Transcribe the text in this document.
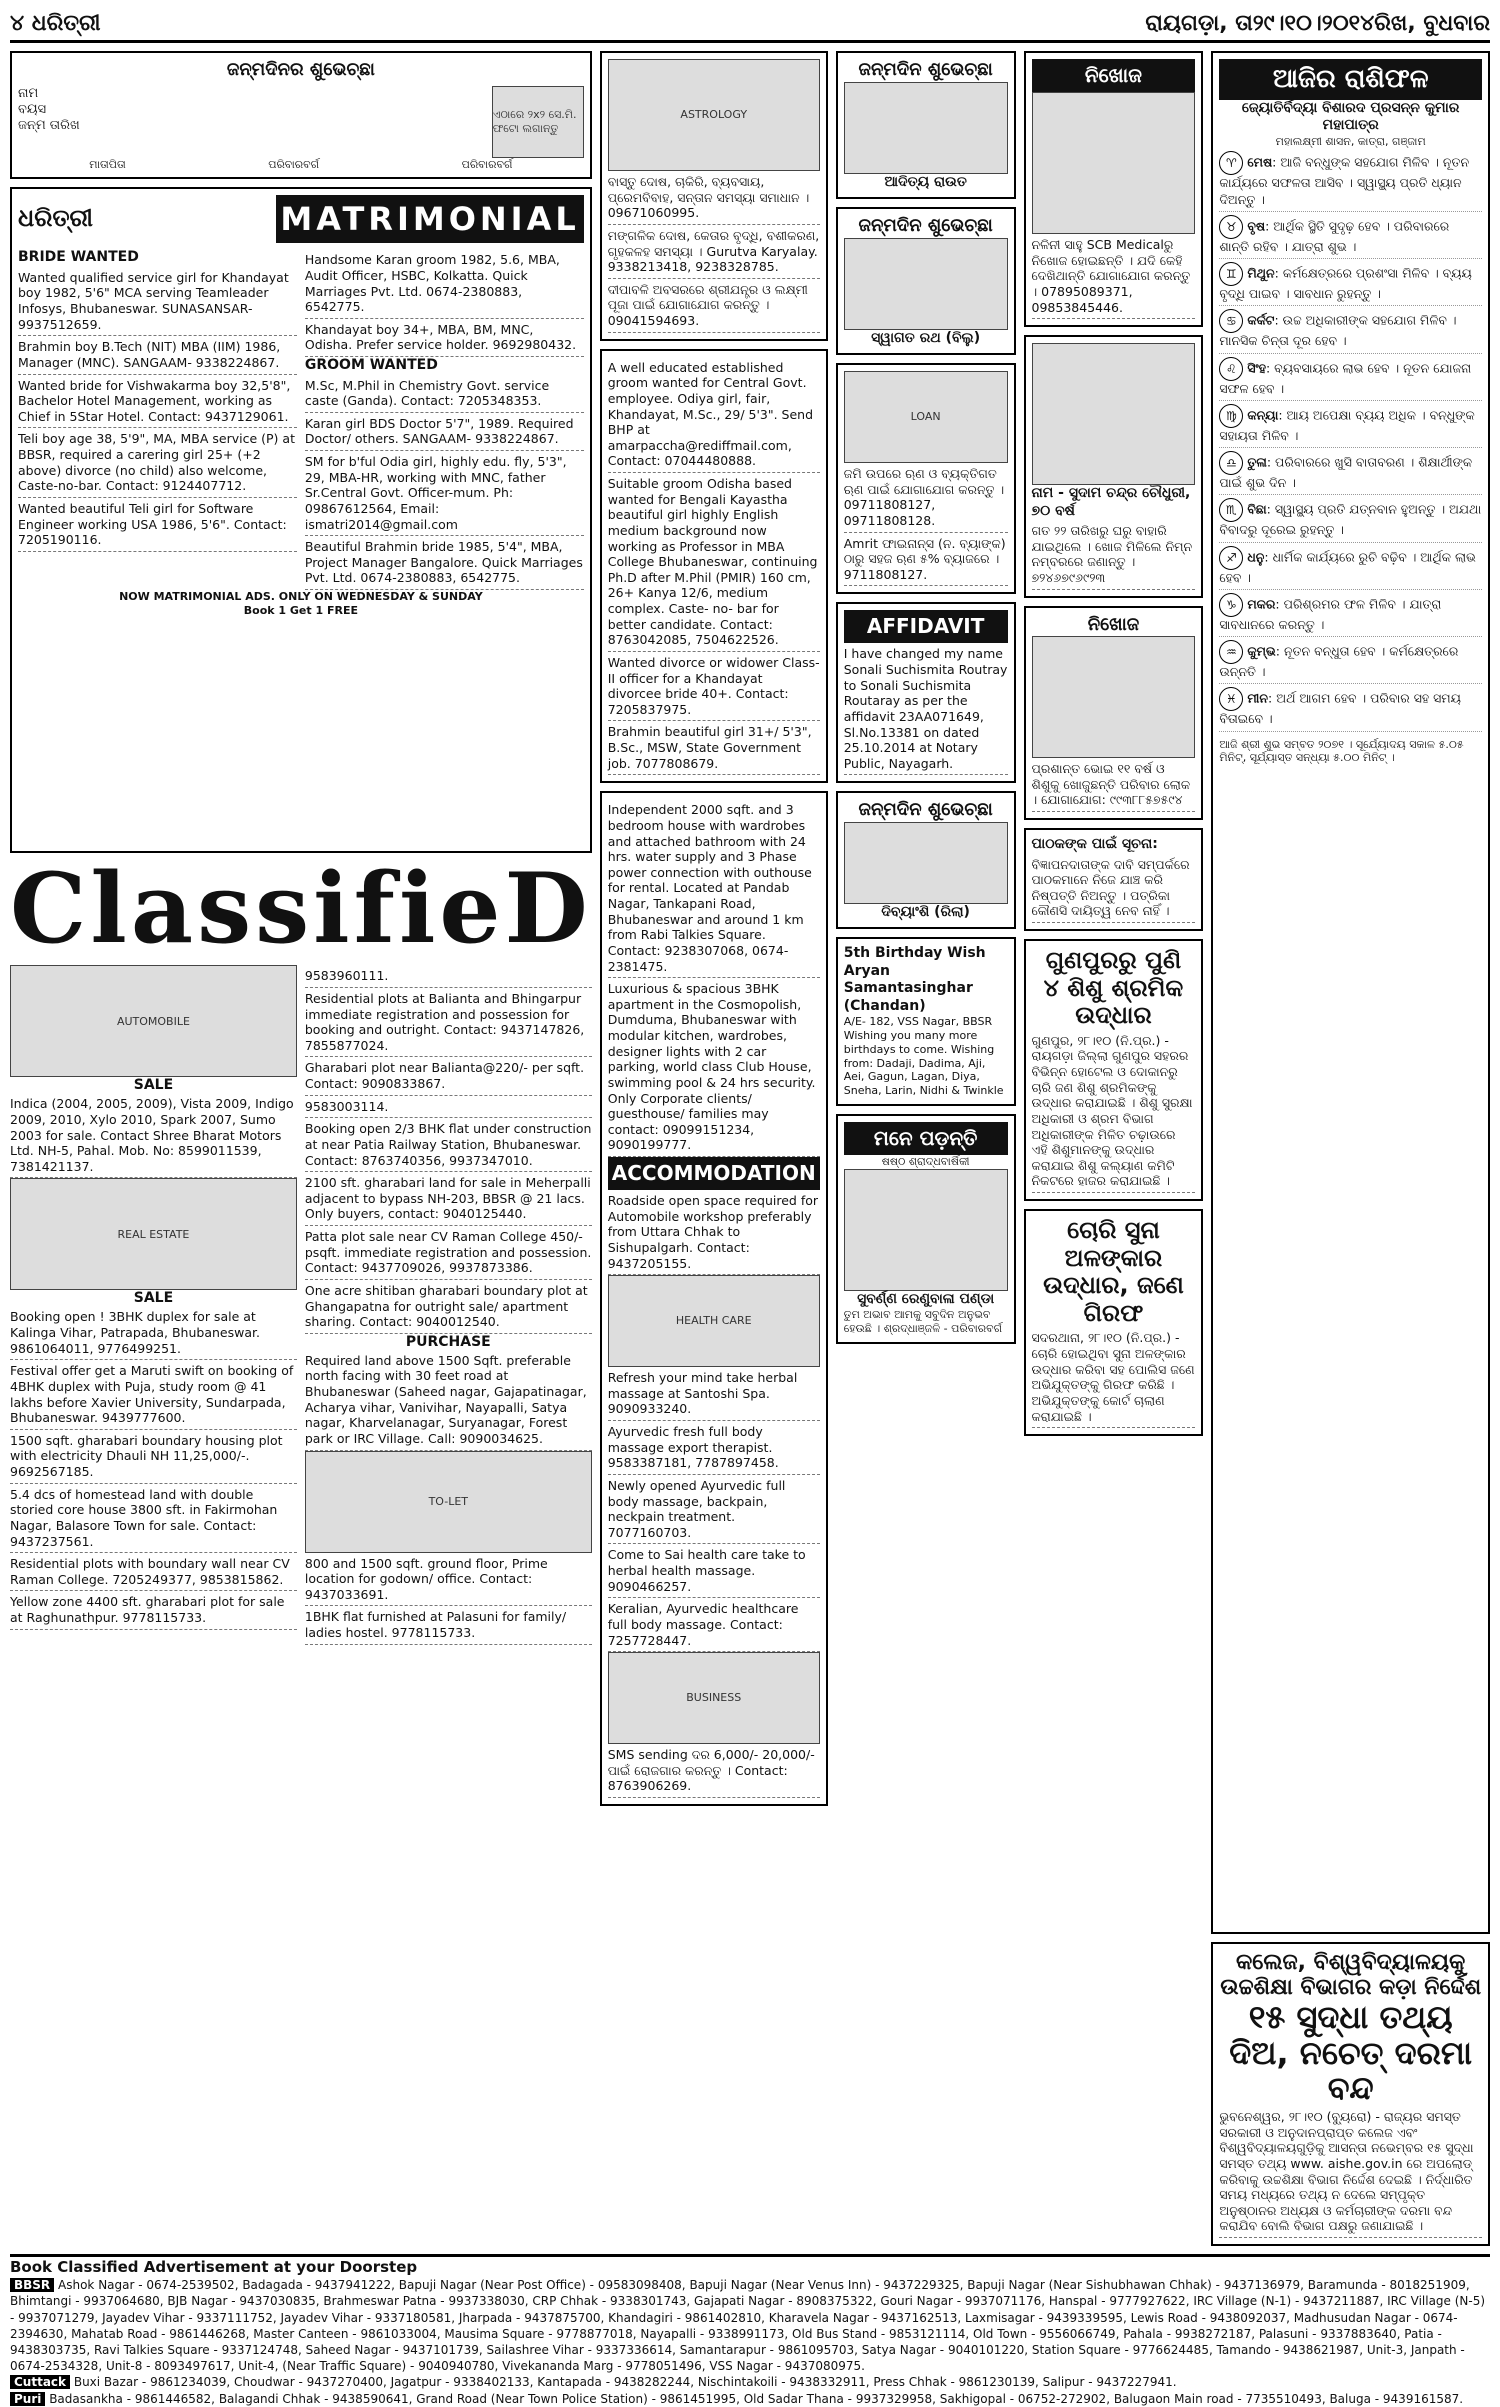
୪ ଧରିତ୍ରୀ	ରାୟଗଡ଼ା, ତା୨୯।୧୦।୨୦୧୪ରିଖ, ବୁଧବାର
ଜନ୍ମଦିନର ଶୁଭେଚ୍ଛା
ନାମ
ବୟସ
ଜନ୍ମ ତାରିଖ
ଏଠାରେ ୨x୨ ସେ.ମି. ଫଟୋ ଲଗାନ୍ତୁ
ମାତାପିତା	ପରିବାରବର୍ଗ	ପରିବାରବର୍ଗ
ଧରିତ୍ରୀ	MATRIMONIAL
BRIDE WANTED
Wanted qualified service girl for Khandayat boy 1982, 5'6" MCA serving Teamleader Infosys, Bhubaneswar. SUNASANSAR- 9937512659.
Brahmin boy B.Tech (NIT) MBA (IIM) 1986, Manager (MNC). SANGAAM- 9338224867.
Wanted bride for Vishwakarma boy 32,5'8", Bachelor Hotel Management, working as Chief in 5Star Hotel. Contact: 9437129061.
Teli boy age 38, 5'9", MA, MBA service (P) at BBSR, required a carering girl 25+ (+2 above) divorce (no child) also welcome, Caste-no-bar. Contact: 9124407712.
Wanted beautiful Teli girl for Software Engineer working USA 1986, 5'6". Contact: 7205190116.
Handsome Karan groom 1982, 5.6, MBA, Audit Officer, HSBC, Kolkatta. Quick Marriages Pvt. Ltd. 0674-2380883, 6542775.
Khandayat boy 34+, MBA, BM, MNC, Odisha. Prefer service holder. 9692980432.
GROOM WANTED
M.Sc, M.Phil in Chemistry Govt. service caste (Ganda). Contact: 7205348353.
Karan girl BDS Doctor 5'7", 1989. Required Doctor/ others. SANGAAM- 9338224867.
SM for b'ful Odia girl, highly edu. fly, 5'3", 29, MBA-HR, working with MNC, father Sr.Central Govt. Officer-mum. Ph: 09867612564, Email: ismatri2014@gmail.com
Beautiful Brahmin bride 1985, 5'4", MBA, Project Manager Bangalore. Quick Marriages Pvt. Ltd. 0674-2380883, 6542775.
NOW MATRIMONIAL ADS. ONLY ON WEDNESDAY & SUNDAY
Book 1 Get 1 FREE
ClassifieD
AUTOMOBILE
SALE
Indica (2004, 2005, 2009), Vista 2009, Indigo 2009, 2010, Xylo 2010, Spark 2007, Sumo 2003 for sale. Contact Shree Bharat Motors Ltd. NH-5, Pahal. Mob. No: 8599011539, 7381421137.
REAL ESTATE
SALE
Booking open ! 3BHK duplex for sale at Kalinga Vihar, Patrapada, Bhubaneswar. 9861064011, 9776499251.
Festival offer get a Maruti swift on booking of 4BHK duplex with Puja, study room @ 41 lakhs before Xavier University, Sundarpada, Bhubaneswar. 9439777600.
1500 sqft. gharabari boundary housing plot with electricity Dhauli NH 11,25,000/-. 9692567185.
5.4 dcs of homestead land with double storied core house 3800 sft. in Fakirmohan Nagar, Balasore Town for sale. Contact: 9437237561.
Residential plots with boundary wall near CV Raman College. 7205249377, 9853815862.
Yellow zone 4400 sft. gharabari plot for sale at Raghunathpur. 9778115733.
9583960111.
Residential plots at Balianta and Bhingarpur immediate registration and possession for booking and outright. Contact: 9437147826, 7855877024.
Gharabari plot near Balianta@220/- per sqft. Contact: 9090833867.
9583003114.
Booking open 2/3 BHK flat under construction at near Patia Railway Station, Bhubaneswar. Contact: 8763740356, 9937347010.
2100 sft. gharabari land for sale in Meherpalli adjacent to bypass NH-203, BBSR @ 21 lacs. Only buyers, contact: 9040125440.
Patta plot sale near CV Raman College 450/- psqft. immediate registration and possession. Contact: 9437709026, 9937873386.
One acre shitiban gharabari boundary plot at Ghangapatna for outright sale/ apartment sharing. Contact: 9040012540.
PURCHASE
Required land above 1500 Sqft. preferable north facing with 30 feet road at Bhubaneswar (Saheed nagar, Gajapatinagar, Acharya vihar, Vanivihar, Nayapalli, Satya nagar, Kharvelanagar, Suryanagar, Forest park or IRC Village. Call: 9090034625.
TO-LET
800 and 1500 sqft. ground floor, Prime location for godown/ office. Contact: 9437033691.
1BHK flat furnished at Palasuni for family/ ladies hostel. 9778115733.
ASTROLOGY
ବାସ୍ତୁ ଦୋଷ, ଚାକିରି, ବ୍ୟବସାୟ, ପ୍ରେମବିବାହ, ସନ୍ତାନ ସମସ୍ୟା ସମାଧାନ । 09671060995.
ମଙ୍ଗଳିକ ଦୋଷ, କେତାର ବୃଦ୍ଧି, ବଶୀକରଣ, ଗୃହକଳହ ସମସ୍ୟା । Gurutva Karyalay. 9338213418, 9238328785.
ଦୀପାବଳି ଅବସରରେ ଶ୍ରୀଯନ୍ତ୍ର ଓ ଲକ୍ଷ୍ମୀ ପୂଜା ପାଇଁ ଯୋଗାଯୋଗ କରନ୍ତୁ । 09041594693.
A well educated established groom wanted for Central Govt. employee. Odiya girl, fair, Khandayat, M.Sc., 29/ 5'3". Send BHP at amarpaccha@rediffmail.com, Contact: 07044480888.
Suitable groom Odisha based wanted for Bengali Kayastha beautiful girl highly English medium background now working as Professor in MBA College Bhubaneswar, continuing Ph.D after M.Phil (PMIR) 160 cm, 26+ Kanya 12/6, medium complex. Caste- no- bar for better candidate. Contact: 8763042085, 7504622526.
Wanted divorce or widower Class-II officer for a Khandayat divorcee bride 40+. Contact: 7205837975.
Brahmin beautiful girl 31+/ 5'3", B.Sc., MSW, State Government job. 7077808679.
Independent 2000 sqft. and 3 bedroom house with wardrobes and attached bathroom with 24 hrs. water supply and 3 Phase power connection with outhouse for rental. Located at Pandab Nagar, Tankapani Road, Bhubaneswar and around 1 km from Rabi Talkies Square. Contact: 9238307068, 0674-2381475.
Luxurious & spacious 3BHK apartment in the Cosmopolish, Dumduma, Bhubaneswar with modular kitchen, wardrobes, designer lights with 2 car parking, world class Club House, swimming pool & 24 hrs security. Only Corporate clients/ guesthouse/ families may contact: 09099151234, 9090199777.
ACCOMMODATION
Roadside open space required for Automobile workshop preferably from Uttara Chhak to Sishupalgarh. Contact: 9437205155.
HEALTH CARE
Refresh your mind take herbal massage at Santoshi Spa. 9090933240.
Ayurvedic fresh full body massage export therapist. 9583387181, 7787897458.
Newly opened Ayurvedic full body massage, backpain, neckpain treatment. 7077160703.
Come to Sai health care take to herbal health massage. 9090466257.
Keralian, Ayurvedic healthcare full body massage. Contact: 7257728447.
BUSINESS
SMS sending ଦର 6,000/- 20,000/- ପାଇଁ ରୋଜଗାର କରନ୍ତୁ । Contact: 8763906269.
ଜନ୍ମଦିନ ଶୁଭେଚ୍ଛା
ଆଦିତ୍ୟ ରାଉତ
ଜନ୍ମଦିନ ଶୁଭେଚ୍ଛା
ସ୍ୱାଗତ ରଥ (ବିଲୁ)
LOAN
ଜମି ଉପରେ ଋଣ ଓ ବ୍ୟକ୍ତିଗତ ଋଣ ପାଇଁ ଯୋଗାଯୋଗ କରନ୍ତୁ । 09711808127, 09711808128.
Amrit ଫାଇନାନ୍ସ (ନ. ବ୍ୟାଙ୍କ) ଠାରୁ ସହଜ ଋଣ ୫% ବ୍ୟାଜରେ । 9711808127.
AFFIDAVIT
I have changed my name Sonali Suchismita Routray to Sonali Suchismita Routaray as per the affidavit 23AA071649, Sl.No.13381 on dated 25.10.2014 at Notary Public, Nayagarh.
ଜନ୍ମଦିନ ଶୁଭେଚ୍ଛା
ଦିବ୍ୟାଂଶି (ରିଲା)
5th Birthday Wish
Aryan Samantasinghar (Chandan)
A/E- 182, VSS Nagar, BBSR
Wishing you many more birthdays to come. Wishing from: Dadaji, Dadima, Aji, Aei, Gagun, Lagan, Diya, Sneha, Larin, Nidhi & Twinkle
ମନେ ପଡ଼ନ୍ତି
ଷଷ୍ଠ ଶ୍ରାଦ୍ଧବାର୍ଷିକୀ
ସୁବର୍ଣ୍ଣ ରେଣୁବାଳା ପଣ୍ଡା
ତୁମ ଅଭାବ ଆମକୁ ସବୁଦିନ ଅନୁଭବ ହେଉଛି । ଶ୍ରଦ୍ଧାଞ୍ଜଳି - ପରିବାରବର୍ଗ
ନିଖୋଜ
ନଳିନୀ ସାହୁ SCB Medicalରୁ ନିଖୋଜ ହୋଇଛନ୍ତି । ଯଦି କେହି ଦେଖିଥାନ୍ତି ଯୋଗାଯୋଗ କରନ୍ତୁ । 07895089371, 09853845446.
ନାମ - ସୁଦାମ ଚନ୍ଦ୍ର ଚୌଧୁରୀ, ୭୦ ବର୍ଷ
ଗତ ୨୨ ତାରିଖରୁ ଘରୁ ବାହାରି ଯାଇଥିଲେ । ଖୋଜ ମିଳିଲେ ନିମ୍ନ ନମ୍ବରରେ ଜଣାନ୍ତୁ । ୭୨୪୬୭୯୬୯୨୩
ନିଖୋଜ
ପ୍ରଶାନ୍ତ ଭୋଇ ୧୧ ବର୍ଷ ଓ ଶିଶୁକୁ ଖୋଜୁଛନ୍ତି ପରିବାର ଲୋକ । ଯୋଗାଯୋଗ: ୯୯୩୮୮୫୭୫୯୪
ପାଠକଙ୍କ ପାଇଁ ସୂଚନା:
ବିଜ୍ଞାପନଦାତାଙ୍କ ଦାବି ସମ୍ପର୍କରେ ପାଠକମାନେ ନିଜେ ଯାଞ୍ଚ କରି ନିଷ୍ପତ୍ତି ନିଅନ୍ତୁ । ପତ୍ରିକା କୌଣସି ଦାୟିତ୍ୱ ନେବ ନାହିଁ ।
ଗୁଣପୁରରୁ ପୁଣି
୪ ଶିଶୁ ଶ୍ରମିକ ଉଦ୍ଧାର
ଗୁଣପୁର, ୨୮।୧୦ (ନି.ପ୍ର.) - ରାୟଗଡ଼ା ଜିଲ୍ଲା ଗୁଣପୁର ସହରର ବିଭିନ୍ନ ହୋଟେଲ ଓ ଦୋକାନରୁ ଚାରି ଜଣ ଶିଶୁ ଶ୍ରମିକଙ୍କୁ ଉଦ୍ଧାର କରାଯାଇଛି । ଶିଶୁ ସୁରକ୍ଷା ଅଧିକାରୀ ଓ ଶ୍ରମ ବିଭାଗ ଅଧିକାରୀଙ୍କ ମିଳିତ ଚଢ଼ାଉରେ ଏହି ଶିଶୁମାନଙ୍କୁ ଉଦ୍ଧାର କରାଯାଇ ଶିଶୁ କଲ୍ୟାଣ କମିଟି ନିକଟରେ ହାଜର କରାଯାଇଛି ।
ଚୋରି ସୁନା ଅଳଙ୍କାର ଉଦ୍ଧାର, ଜଣେ ଗିରଫ
ସଦରଥାନା, ୨୮।୧୦ (ନି.ପ୍ର.) - ଚୋରି ହୋଇଥିବା ସୁନା ଅଳଙ୍କାର ଉଦ୍ଧାର କରିବା ସହ ପୋଲିସ ଜଣେ ଅଭିଯୁକ୍ତଙ୍କୁ ଗିରଫ କରିଛି । ଅଭିଯୁକ୍ତଙ୍କୁ କୋର୍ଟ ଚାଲାଣ କରାଯାଇଛି ।
ଆଜିର ରାଶିଫଳ
ଜ୍ୟୋତିର୍ବିଦ୍ୟା ବିଶାରଦ ପ୍ରସନ୍ନ କୁମାର ମହାପାତ୍ର
ମହାଲକ୍ଷ୍ମୀ ଶାସନ, କାତ୍ରା, ଗଞ୍ଜାମ
♈ ମେଷ: ଆଜି ବନ୍ଧୁଙ୍କ ସହଯୋଗ ମିଳିବ । ନୂତନ କାର୍ଯ୍ୟରେ ସଫଳତା ଆସିବ । ସ୍ୱାସ୍ଥ୍ୟ ପ୍ରତି ଧ୍ୟାନ ଦିଅନ୍ତୁ ।
♉ ବୃଷ: ଆର୍ଥିକ ସ୍ଥିତି ସୁଦୃଢ଼ ହେବ । ପରିବାରରେ ଶାନ୍ତି ରହିବ । ଯାତ୍ରା ଶୁଭ ।
♊ ମିଥୁନ: କର୍ମକ୍ଷେତ୍ରରେ ପ୍ରଶଂସା ମିଳିବ । ବ୍ୟୟ ବୃଦ୍ଧି ପାଇବ । ସାବଧାନ ରୁହନ୍ତୁ ।
♋ କର୍କଟ: ଉଚ୍ଚ ଅଧିକାରୀଙ୍କ ସହଯୋଗ ମିଳିବ । ମାନସିକ ଚିନ୍ତା ଦୂର ହେବ ।
♌ ସିଂହ: ବ୍ୟବସାୟରେ ଲାଭ ହେବ । ନୂତନ ଯୋଜନା ସଫଳ ହେବ ।
♍ କନ୍ୟା: ଆୟ ଅପେକ୍ଷା ବ୍ୟୟ ଅଧିକ । ବନ୍ଧୁଙ୍କ ସହାୟତା ମିଳିବ ।
♎ ତୁଳା: ପରିବାରରେ ଖୁସି ବାତାବରଣ । ଶିକ୍ଷାର୍ଥୀଙ୍କ ପାଇଁ ଶୁଭ ଦିନ ।
♏ ବିଛା: ସ୍ୱାସ୍ଥ୍ୟ ପ୍ରତି ଯତ୍ନବାନ ହୁଅନ୍ତୁ । ଅଯଥା ବିବାଦରୁ ଦୂରେଇ ରୁହନ୍ତୁ ।
♐ ଧନୁ: ଧାର୍ମିକ କାର୍ଯ୍ୟରେ ରୁଚି ବଢ଼ିବ । ଆର୍ଥିକ ଲାଭ ହେବ ।
♑ ମକର: ପରିଶ୍ରମର ଫଳ ମିଳିବ । ଯାତ୍ରା ସାବଧାନରେ କରନ୍ତୁ ।
♒ କୁମ୍ଭ: ନୂତନ ବନ୍ଧୁତା ହେବ । କର୍ମକ୍ଷେତ୍ରରେ ଉନ୍ନତି ।
♓ ମୀନ: ଅର୍ଥ ଆଗମ ହେବ । ପରିବାର ସହ ସମୟ ବିତାଇବେ ।
ଆଜି ଶ୍ରୀ ଶୁଭ ସମ୍ବତ ୨୦୭୧ । ସୂର୍ଯ୍ୟୋଦୟ ସକାଳ ୫.୦୫ ମିନିଟ୍, ସୂର୍ଯ୍ୟାସ୍ତ ସନ୍ଧ୍ୟା ୫.୦୦ ମିନିଟ୍ ।
କଲେଜ, ବିଶ୍ୱବିଦ୍ୟାଳୟକୁ ଉଚ୍ଚଶିକ୍ଷା ବିଭାଗର କଡ଼ା ନିର୍ଦ୍ଦେଶ
୧୫ ସୁଦ୍ଧା ତଥ୍ୟ ଦିଅ, ନଚେତ୍ ଦରମା ବନ୍ଦ
ଭୁବନେଶ୍ୱର, ୨୮।୧୦ (ବ୍ୟୁରୋ) - ରାଜ୍ୟର ସମସ୍ତ ସରକାରୀ ଓ ଅନୁଦାନପ୍ରାପ୍ତ କଲେଜ ଏବଂ ବିଶ୍ୱବିଦ୍ୟାଳୟଗୁଡ଼ିକୁ ଆସନ୍ତା ନଭେମ୍ବର ୧୫ ସୁଦ୍ଧା ସମସ୍ତ ତଥ୍ୟ www. aishe.gov.in ରେ ଅପଲୋଡ୍ କରିବାକୁ ଉଚ୍ଚଶିକ୍ଷା ବିଭାଗ ନିର୍ଦ୍ଦେଶ ଦେଇଛି । ନିର୍ଦ୍ଧାରିତ ସମୟ ମଧ୍ୟରେ ତଥ୍ୟ ନ ଦେଲେ ସମ୍ପୃକ୍ତ ଅନୁଷ୍ଠାନର ଅଧ୍ୟକ୍ଷ ଓ କର୍ମଚାରୀଙ୍କ ଦରମା ବନ୍ଦ କରାଯିବ ବୋଲି ବିଭାଗ ପକ୍ଷରୁ ଜଣାଯାଇଛି ।
Book Classified Advertisement at your Doorstep
BBSR Ashok Nagar - 0674-2539502, Badagada - 9437941222, Bapuji Nagar (Near Post Office) - 09583098408, Bapuji Nagar (Near Venus Inn) - 9437229325, Bapuji Nagar (Near Sishubhawan Chhak) - 9437136979, Baramunda - 8018251909, Bhimtangi - 9937064680, BJB Nagar - 9437030835, Brahmeswar Patna - 9937338030, CRP Chhak - 9338301743, Gajapati Nagar - 8908375322, Gouri Nagar - 9937071176, Hanspal - 9777927622, IRC Village (N-1) - 9437211887, IRC Village (N-5) - 9937071279, Jayadev Vihar - 9337111752, Jayadev Vihar - 9337180581, Jharpada - 9437875700, Khandagiri - 9861402810, Kharavela Nagar - 9437162513, Laxmisagar - 9439339595, Lewis Road - 9438092037, Madhusudan Nagar - 0674-2394630, Mahatab Road - 9861446268, Master Canteen - 9861033004, Mausima Square - 9778877018, Nayapalli - 9338991173, Old Bus Stand - 9853121114, Old Town - 9556066749, Pahala - 9938272187, Palasuni - 9337883640, Patia - 9438303735, Ravi Talkies Square - 9337124748, Saheed Nagar - 9437101739, Sailashree Vihar - 9337336614, Samantarapur - 9861095703, Satya Nagar - 9040101220, Station Square - 9776624485, Tamando - 9438621987, Unit-3, Janpath - 0674-2534328, Unit-8 - 8093497617, Unit-4, (Near Traffic Square) - 9040940780, Vivekananda Marg - 9778051496, VSS Nagar - 9437080975.
Cuttack Buxi Bazar - 9861234039, Choudwar - 9437270400, Jagatpur - 9338402133, Kantapada - 9438282244, Nischintakoili - 9438332911, Press Chhak - 9861230139, Salipur - 9437227941.
Puri Badasankha - 9861446582, Balagandi Chhak - 9438590641, Grand Road (Near Town Police Station) - 9861451995, Old Sadar Thana - 9937329958, Sakhigopal - 06752-272902, Balugaon Main road - 7735510493, Baluga - 9439161587.
